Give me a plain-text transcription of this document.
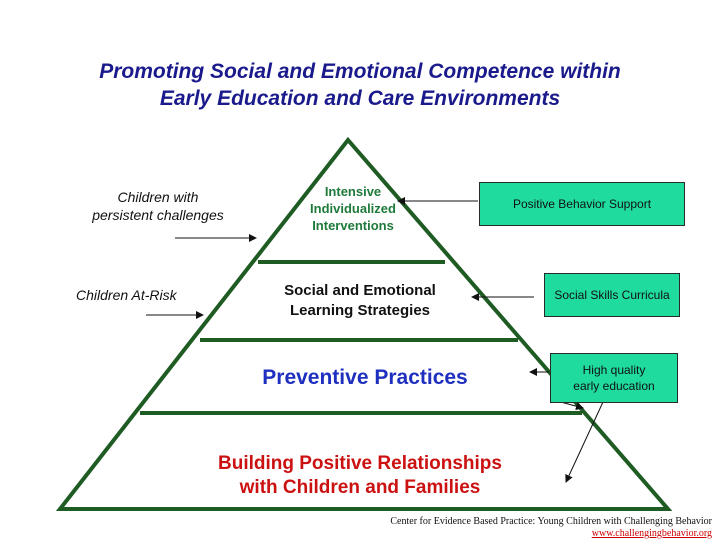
Promoting Social and Emotional Competence within
Early Education and Care Environments
Intensive
Individualized
Interventions
Social and Emotional
Learning Strategies
Preventive Practices
Building Positive Relationships
with Children and Families
Children with
persistent challenges
Children At-Risk
Positive Behavior Support
Social Skills Curricula
High quality
early education
Center for Evidence Based Practice: Young Children with Challenging Behavior
www.challengingbehavior.org
